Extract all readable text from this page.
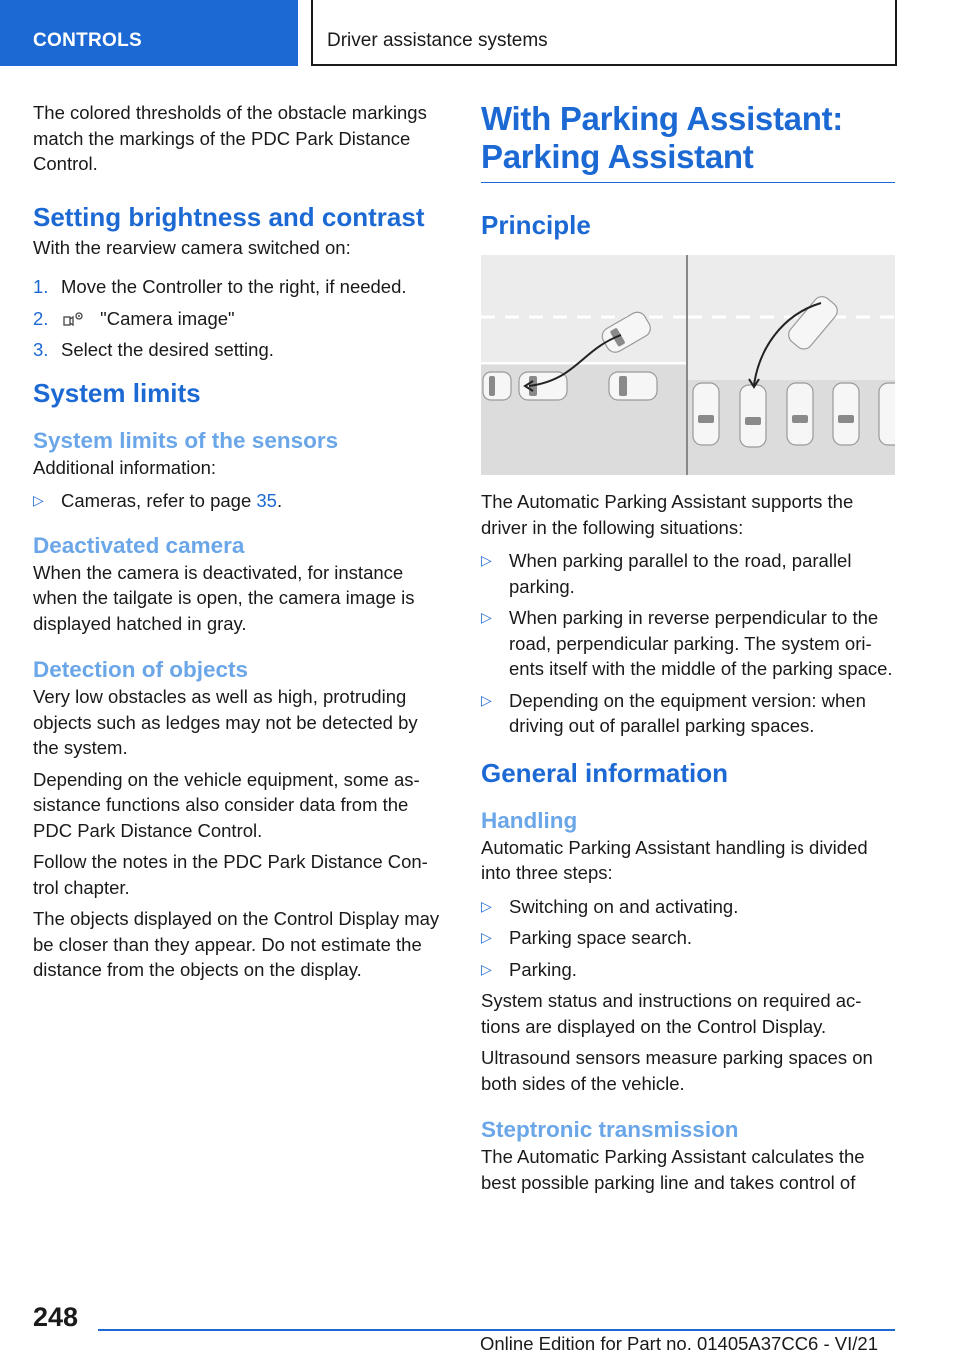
CONTROLS	Driver assistance systems

The colored thresholds of the obstacle markings match the markings of the PDC Park Distance Control.

Setting brightness and contrast

With the rearview camera switched on:

1. Move the Controller to the right, if needed.
2.	"Camera image"
3. Select the desired setting.
System limits
System limits of the sensors

Additional information:

▷ Cameras, refer to page 35.
Deactivated camera

When the camera is deactivated, for instance when the tailgate is open, the camera image is displayed hatched in gray.

Detection of objects

Very low obstacles as well as high, protruding objects such as ledges may not be detected by the system.

Depending on the vehicle equipment, some as- sistance functions also consider data from the PDC Park Distance Control.

Follow the notes in the PDC Park Distance Con- trol chapter.

The objects displayed on the Control Display may be closer than they appear. Do not estimate the distance from the objects on the display.

With Parking Assistant: Parking Assistant
Principle

The Automatic Parking Assistant supports the driver in the following situations:

▷ When parking parallel to the road, parallel parking.
▷ When parking in reverse perpendicular to the road, perpendicular parking. The system ori- ents itself with the middle of the parking space.
▷ Depending on the equipment version: when driving out of parallel parking spaces.
General information
Handling

Automatic Parking Assistant handling is divided into three steps:

▷ Switching on and activating.
▷ Parking space search.
▷ Parking.

System status and instructions on required ac- tions are displayed on the Control Display.

Ultrasound sensors measure parking spaces on both sides of the vehicle.

Steptronic transmission

The Automatic Parking Assistant calculates the best possible parking line and takes control of

248
Online Edition for Part no. 01405A37CC6 - VI/21
